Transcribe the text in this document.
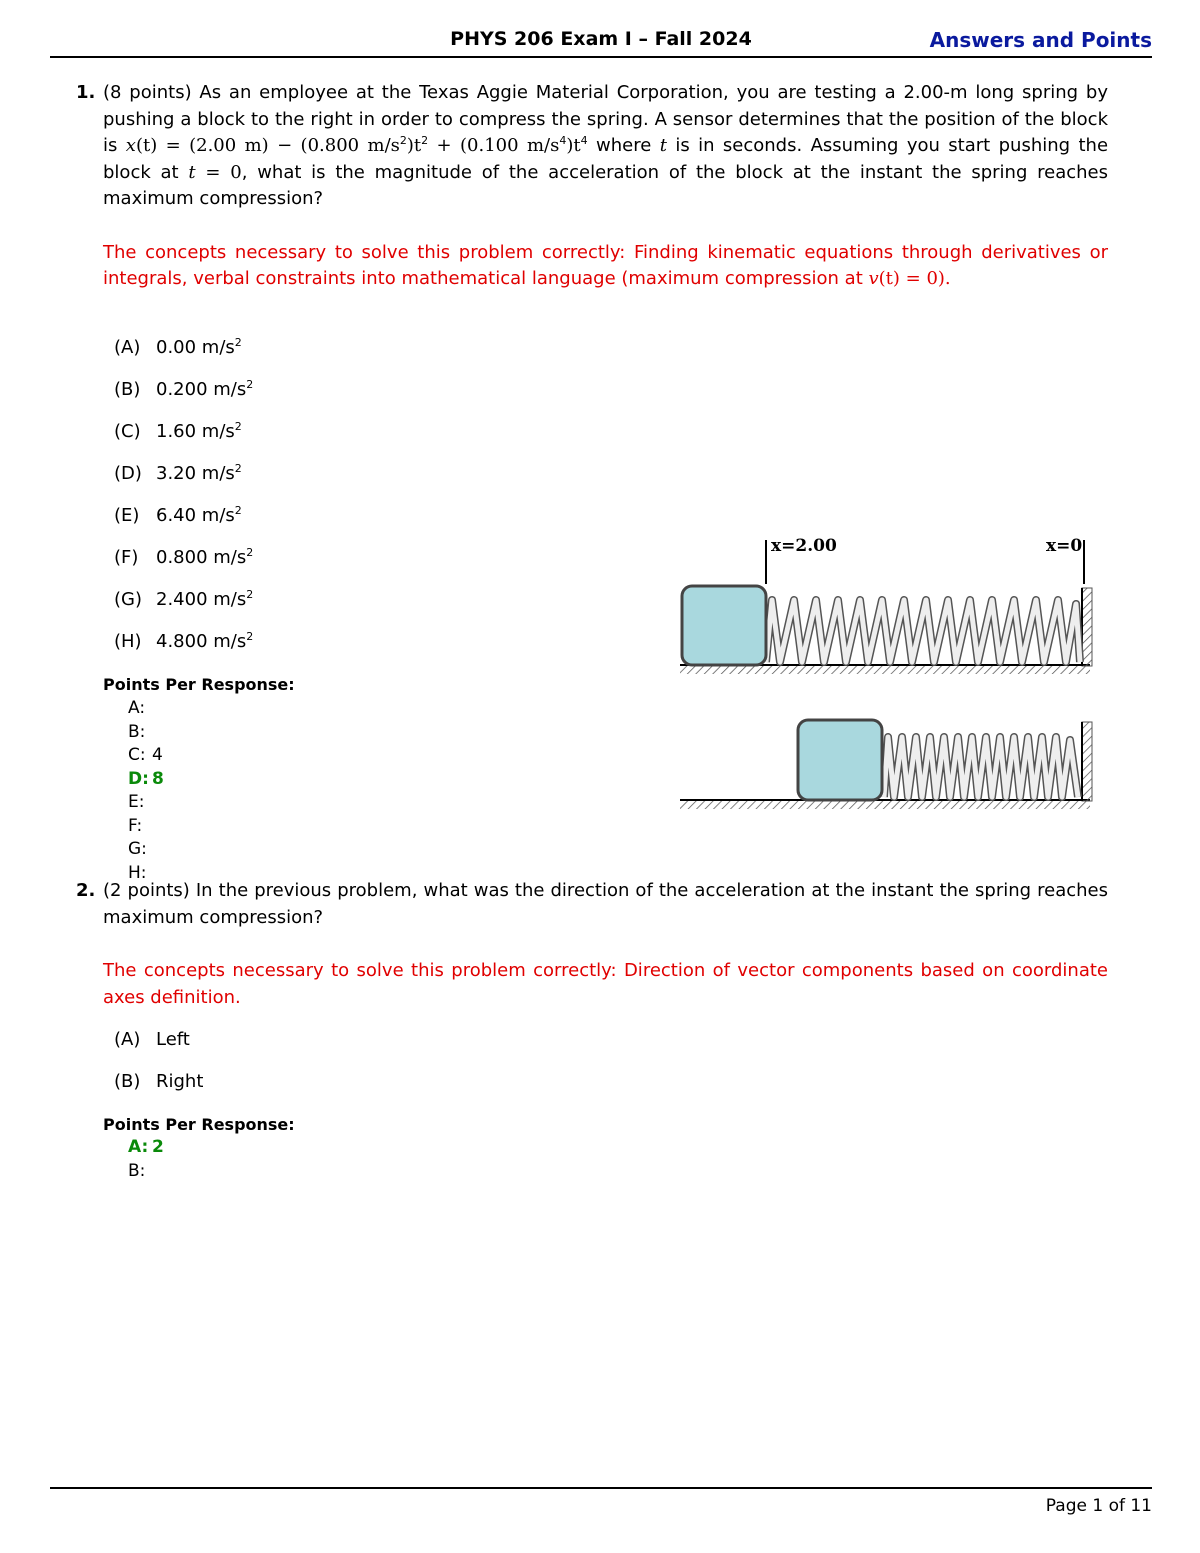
PHYS 206 Exam I – Fall 2024	Answers and Points
1. (8 points) As an employee at the Texas Aggie Material Corporation, you are testing a 2.00-m long spring by pushing a block to the right in order to compress the spring. A sensor determines that the position of the block is x(t) = (2.00 m) − (0.800 $m/s^2)t^2 + (0.100$ $m/s^4)t^4$ where t is in seconds. Assuming you start pushing the block at t = 0, what is the magnitude of the acceleration of the block at the instant the spring reaches maximum compression?
The concepts necessary to solve this problem correctly: Finding kinematic equations through derivatives or integrals, verbal constraints into mathematical language (maximum compression at v(t) = 0).
(A) 0.00 $m/s^2$
(B) 0.200 $m/s^2$
(C) 1.60 $m/s^2$
(D) 3.20 $m/s^2$
(E) 6.40 $m/s^2$
(F) 0.800 $m/s^2$
(G) 2.400 $m/s^2$
(H) 4.800 $m/s^2$
Points Per Response:
A:
B:
C: 4
D: 8
E:
F:
G:
H:
x=2.00	x=0
2. (2 points) In the previous problem, what was the direction of the acceleration at the instant the spring reaches maximum compression?
The concepts necessary to solve this problem correctly: Direction of vector components based on coordinate axes definition.
(A) Left
(B) Right
Points Per Response:
A: 2
B:
Page 1 of 11
